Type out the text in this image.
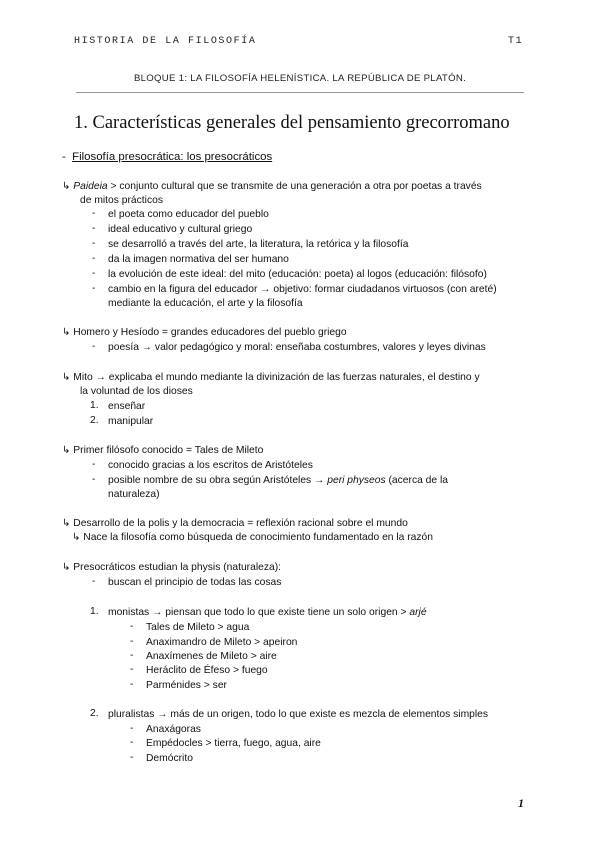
HISTORIA DE LA FILOSOFÍA	T1
BLOQUE 1: LA FILOSOFÍA HELENÍSTICA. LA REPÚBLICA DE PLATÓN.
1. Características generales del pensamiento grecorromano
- Filosofía presocrática: los presocráticos
↳ Paideia > conjunto cultural que se transmite de una generación a otra por poetas a través
de mitos prácticos
- el poeta como educador del pueblo
- ideal educativo y cultural griego
- se desarrolló a través del arte, la literatura, la retórica y la filosofía
- da la imagen normativa del ser humano
- la evolución de este ideal: del mito (educación: poeta) al logos (educación: filósofo)
- cambio en la figura del educador → objetivo: formar ciudadanos virtuosos (con areté)
mediante la educación, el arte y la filosofía
↳ Homero y Hesíodo = grandes educadores del pueblo griego
- poesía → valor pedagógico y moral: enseñaba costumbres, valores y leyes divinas
↳ Mito → explicaba el mundo mediante la divinización de las fuerzas naturales, el destino y
la voluntad de los dioses
1. enseñar
2. manipular
↳ Primer filósofo conocido = Tales de Mileto
- conocido gracias a los escritos de Aristóteles
- posible nombre de su obra según Aristóteles → peri physeos (acerca de la
naturaleza)
↳ Desarrollo de la polis y la democracia = reflexión racional sobre el mundo
↳ Nace la filosofía como búsqueda de conocimiento fundamentado en la razón
↳ Presocráticos estudian la physis (naturaleza):
- buscan el principio de todas las cosas
1. monistas → piensan que todo lo que existe tiene un solo origen > arjé
- Tales de Mileto > agua
- Anaximandro de Mileto > apeiron
- Anaxímenes de Mileto > aire
- Heráclito de Éfeso > fuego
- Parménides > ser
2. pluralistas → más de un origen, todo lo que existe es mezcla de elementos simples
- Anaxágoras
- Empédocles > tierra, fuego, agua, aire
- Demócrito
1
